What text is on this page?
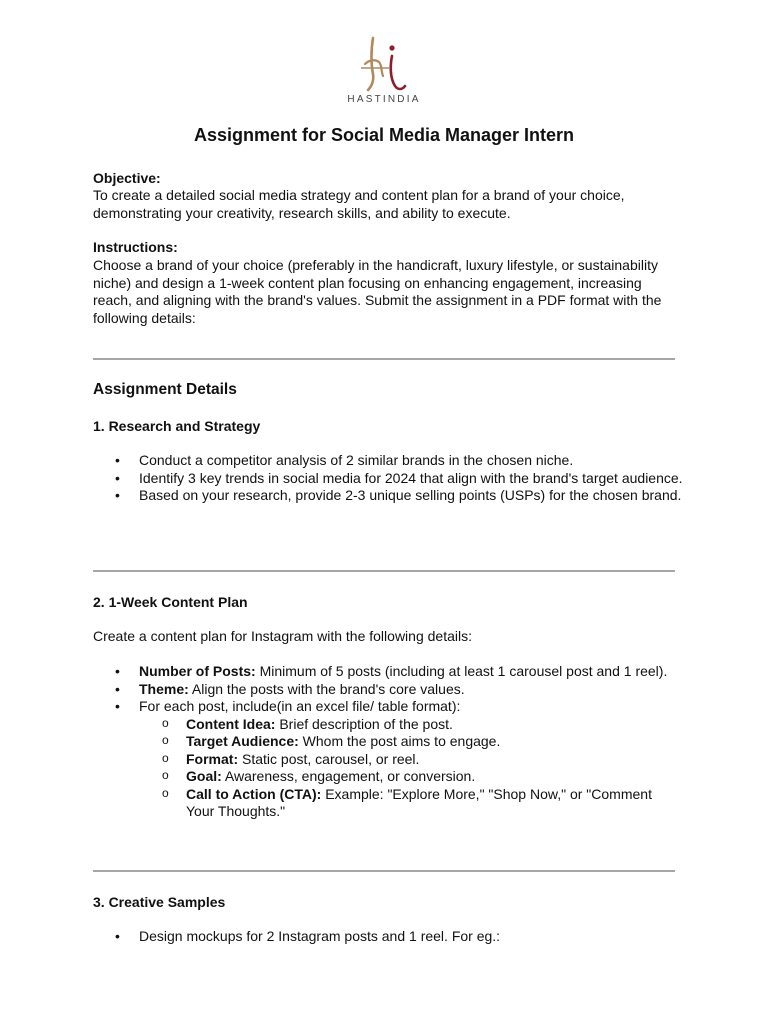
HASTINDIA
Assignment for Social Media Manager Intern

Objective:

To create a detailed social media strategy and content plan for a brand of your choice, demonstrating your creativity, research skills, and ability to execute.

Instructions:

Choose a brand of your choice (preferably in the handicraft, luxury lifestyle, or sustainability niche) and design a 1-week content plan focusing on enhancing engagement, increasing reach, and aligning with the brand's values. Submit the assignment in a PDF format with the following details:

Assignment Details
1. Research and Strategy
• Conduct a competitor analysis of 2 similar brands in the chosen niche.
• Identify 3 key trends in social media for 2024 that align with the brand's target audience.
• Based on your research, provide 2-3 unique selling points (USPs) for the chosen brand.
2. 1-Week Content Plan

Create a content plan for Instagram with the following details:

• Number of Posts: Minimum of 5 posts (including at least 1 carousel post and 1 reel).
• Theme: Align the posts with the brand's core values.
• For each post, include(in an excel file/ table format):
o Content Idea: Brief description of the post.
o Target Audience: Whom the post aims to engage.
o Format: Static post, carousel, or reel.
o Goal: Awareness, engagement, or conversion.
o Call to Action (CTA): Example: "Explore More," "Shop Now," or "Comment Your Thoughts."
3. Creative Samples
• Design mockups for 2 Instagram posts and 1 reel. For eg.:
